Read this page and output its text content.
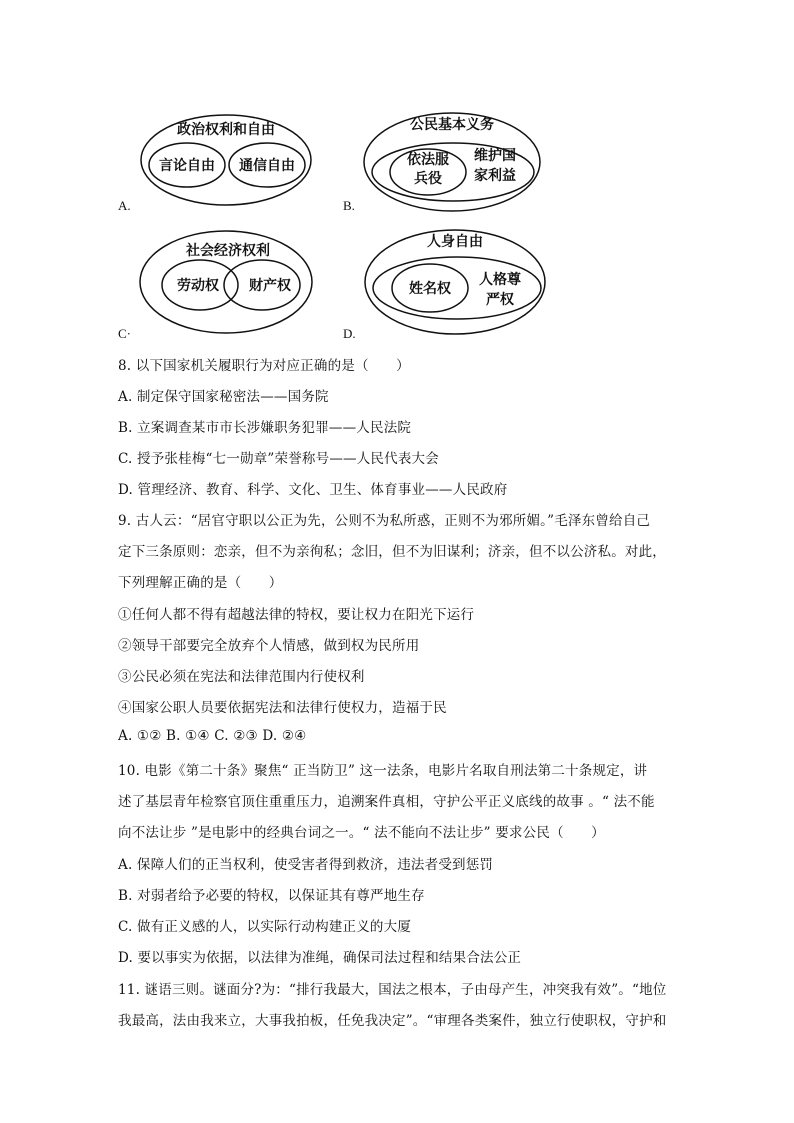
政治权利和自由
言论自由 通信自由
A.
公民基本义务
依法服
兵役
维护国
家利益
B.
社会经济权利
劳动权 财产权
C·
人身自由
姓名权
人格尊
严权
D.
8. 以下国家机关履职行为对应正确的是（　　）
A. 制定保守国家秘密法——国务院
B. 立案调查某市市长涉嫌职务犯罪——人民法院
C. 授予张桂梅“七一勋章”荣誉称号——人民代表大会
D. 管理经济、教育、科学、文化、卫生、体育事业——人民政府
9. 古人云：“居官守职以公正为先，公则不为私所惑，正则不为邪所媚。”毛泽东曾给自己
定下三条原则：恋亲，但不为亲徇私；念旧，但不为旧谋利；济亲，但不以公济私。对此，
下列理解正确的是（　　）
①任何人都不得有超越法律的特权，要让权力在阳光下运行
②领导干部要完全放弃个人情感，做到权为民所用
③公民必须在宪法和法律范围内行使权利
④国家公职人员要依据宪法和法律行使权力，造福于民
A. ①② B. ①④ C. ②③ D. ②④
10. 电影《第二十条》聚焦“ 正当防卫” 这一法条，电影片名取自刑法第二十条规定，讲
述了基层青年检察官顶住重重压力，追溯案件真相，守护公平正义底线的故事 。“ 法不能
向不法让步 ”是电影中的经典台词之一。“ 法不能向不法让步” 要求公民（　　）
A. 保障人们的正当权利，使受害者得到救济，违法者受到惩罚
B. 对弱者给予必要的特权，以保证其有尊严地生存
C. 做有正义感的人，以实际行动构建正义的大厦
D. 要以事实为依据，以法律为准绳，确保司法过程和结果合法公正
11. 谜语三则。谜面分?为：“排行我最大，国法之根本，子由母产生，冲突我有效”。“地位
我最高，法由我来立，大事我拍板，任免我决定”。“审理各类案件，独立行使职权，守护和
